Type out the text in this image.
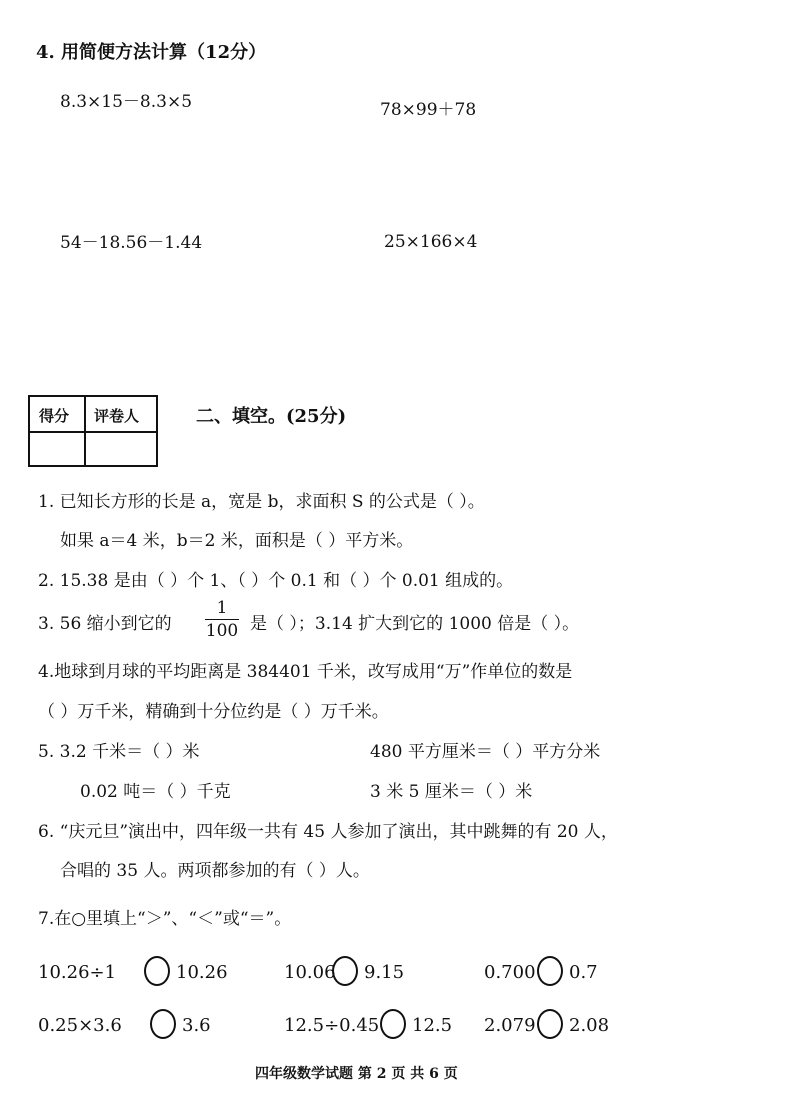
4. 用简便方法计算（12分）
8.3×15－8.3×5	78×99＋78
54－18.56－1.44	25×166×4
得分 评卷人	二、填空。(25分)
1. 已知长方形的长是 a，宽是 b，求面积 S 的公式是（ ）。
如果 a＝4 米，b＝2 米，面积是（ ）平方米。
2. 15.38 是由（ ）个 1、（ ）个 0.1 和（ ）个 0.01 组成的。
3. 56 缩小到它的
1
100 是（ ）；3.14 扩大到它的 1000 倍是（ ）。
4.地球到月球的平均距离是 384401 千米，改写成用“万”作单位的数是
（ ）万千米，精确到十分位约是（ ）万千米。
5. 3.2 千米＝（ ）米	480 平方厘米＝（ ）平方分米
0.02 吨＝（ ）千克	3 米 5 厘米＝（ ）米
6. “庆元旦”演出中，四年级一共有 45 人参加了演出，其中跳舞的有 20 人，
合唱的 35 人。两项都参加的有（ ）人。
7.在○里填上“＞”、“＜”或“＝”。
10.26÷1	10.26	10.06 9.15	0.700 0.7
0.25×3.6	3.6	12.5÷0.45 12.5 2.079 2.08
四年级数学试题 第 2 页 共 6 页
